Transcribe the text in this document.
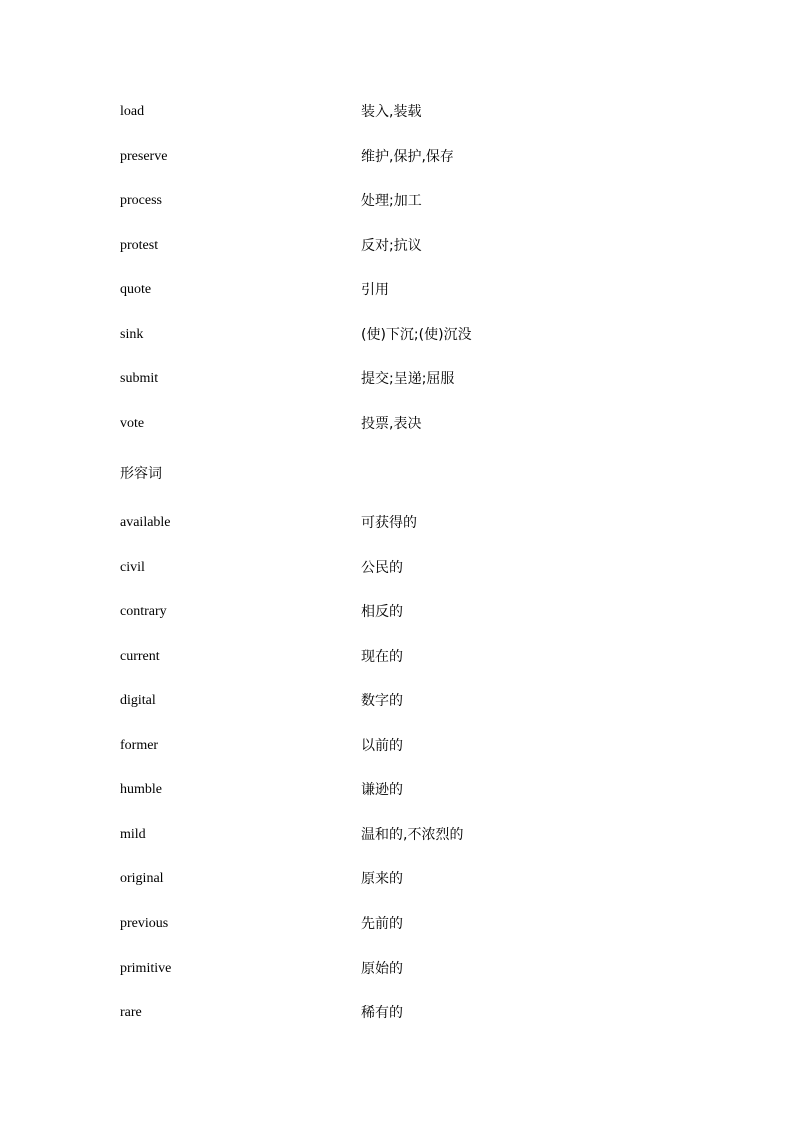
load	装入,装载
preserve	维护,保护,保存
process	处理;加工
protest	反对;抗议
quote	引用
sink	(使)下沉;(使)沉没
submit	提交;呈递;屈服
vote	投票,表决
形容词
available	可获得的
civil	公民的
contrary	相反的
current	现在的
digital	数字的
former	以前的
humble	谦逊的
mild	温和的,不浓烈的
original	原来的
previous	先前的
primitive	原始的
rare	稀有的
